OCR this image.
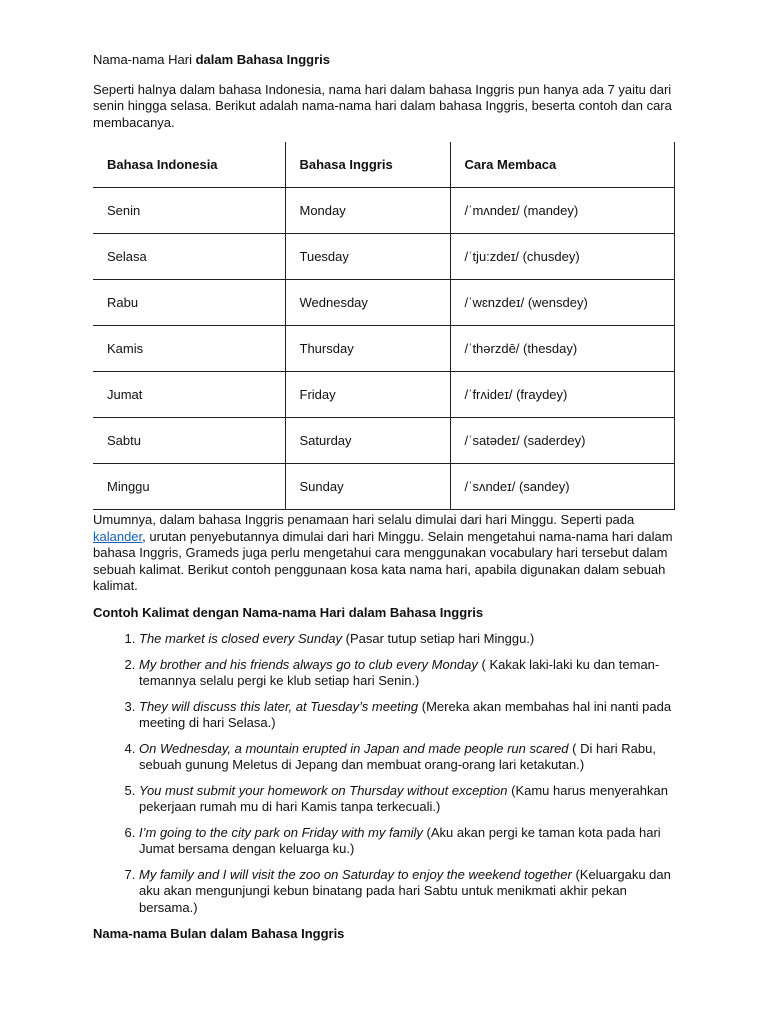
Nama-nama Hari dalam Bahasa Inggris

Seperti halnya dalam bahasa Indonesia, nama hari dalam bahasa Inggris pun hanya ada 7 yaitu dari senin hingga selasa. Berikut adalah nama-nama hari dalam bahasa Inggris, beserta contoh dan cara membacanya.

Bahasa Indonesia	Bahasa Inggris	Cara Membaca
Senin	Monday	/ˈmʌndeɪ/ (mandey)
Selasa	Tuesday	/ˈtju:zdeɪ/ (chusdey)
Rabu	Wednesday	/ˈwɛnzdeɪ/ (wensdey)
Kamis	Thursday	/ˈthərzdē/ (thesday)
Jumat	Friday	/ˈfrʌideɪ/ (fraydey)
Sabtu	Saturday	/ˈsatədeɪ/ (saderdey)
Minggu	Sunday	/ˈsʌndeɪ/ (sandey)

Umumnya, dalam bahasa Inggris penamaan hari selalu dimulai dari hari Minggu. Seperti pada kalander, urutan penyebutannya dimulai dari hari Minggu. Selain mengetahui nama-nama hari dalam bahasa Inggris, Grameds juga perlu mengetahui cara menggunakan vocabulary hari tersebut dalam sebuah kalimat. Berikut contoh penggunaan kosa kata nama hari, apabila digunakan dalam sebuah kalimat.

Contoh Kalimat dengan Nama-nama Hari dalam Bahasa Inggris

1. The market is closed every Sunday (Pasar tutup setiap hari Minggu.)
2. My brother and his friends always go to club every Monday ( Kakak laki-laki ku dan teman-temannya selalu pergi ke klub setiap hari Senin.)
3. They will discuss this later, at Tuesday’s meeting (Mereka akan membahas hal ini nanti pada meeting di hari Selasa.)
4. On Wednesday, a mountain erupted in Japan and made people run scared ( Di hari Rabu, sebuah gunung Meletus di Jepang dan membuat orang-orang lari ketakutan.)
5. You must submit your homework on Thursday without exception (Kamu harus menyerahkan pekerjaan rumah mu di hari Kamis tanpa terkecuali.)
6. I’m going to the city park on Friday with my family (Aku akan pergi ke taman kota pada hari Jumat bersama dengan keluarga ku.)
7. My family and I will visit the zoo on Saturday to enjoy the weekend together (Keluargaku dan aku akan mengunjungi kebun binatang pada hari Sabtu untuk menikmati akhir pekan bersama.)

Nama-nama Bulan dalam Bahasa Inggris
